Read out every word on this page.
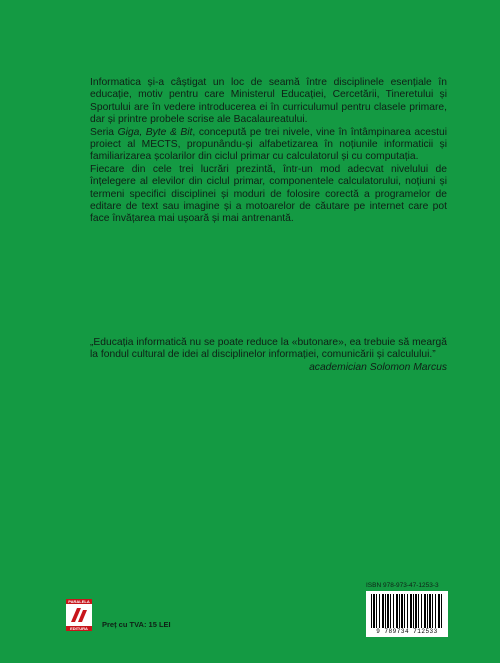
Informatica și-a câștigat un loc de seamă între disciplinele esențiale în educație, motiv pentru care Ministerul Educației, Cercetării, Tineretului și Sportului are în vedere introducerea ei în curriculumul pentru clasele primare, dar și printre probele scrise ale Bacalaureatului.

Seria Giga, Byte & Bit, concepută pe trei nivele, vine în întâmpinarea acestui proiect al MECTS, propunându-și alfabetizarea în noțiunile informaticii și familiarizarea școlarilor din ciclul primar cu calculatorul și cu computația.

Fiecare din cele trei lucrări prezintă, într-un mod adecvat nivelului de înțelegere al elevilor din ciclul primar, componentele calculatorului, noțiuni și termeni specifici disciplinei și moduri de folosire corectă a programelor de editare de text sau imagine și a motoarelor de căutare pe internet care pot face învățarea mai ușoară și mai antrenantă.

„Educația informatică nu se poate reduce la «butonare», ea trebuie să meargă la fondul cultural de idei al disciplinelor informației, comunicării și calculului.”

academician Solomon Marcus

PARALELA
EDITURA	Preț cu TVA: 15 LEI
ISBN 978-973-47-1253-3
9 789734 712533
